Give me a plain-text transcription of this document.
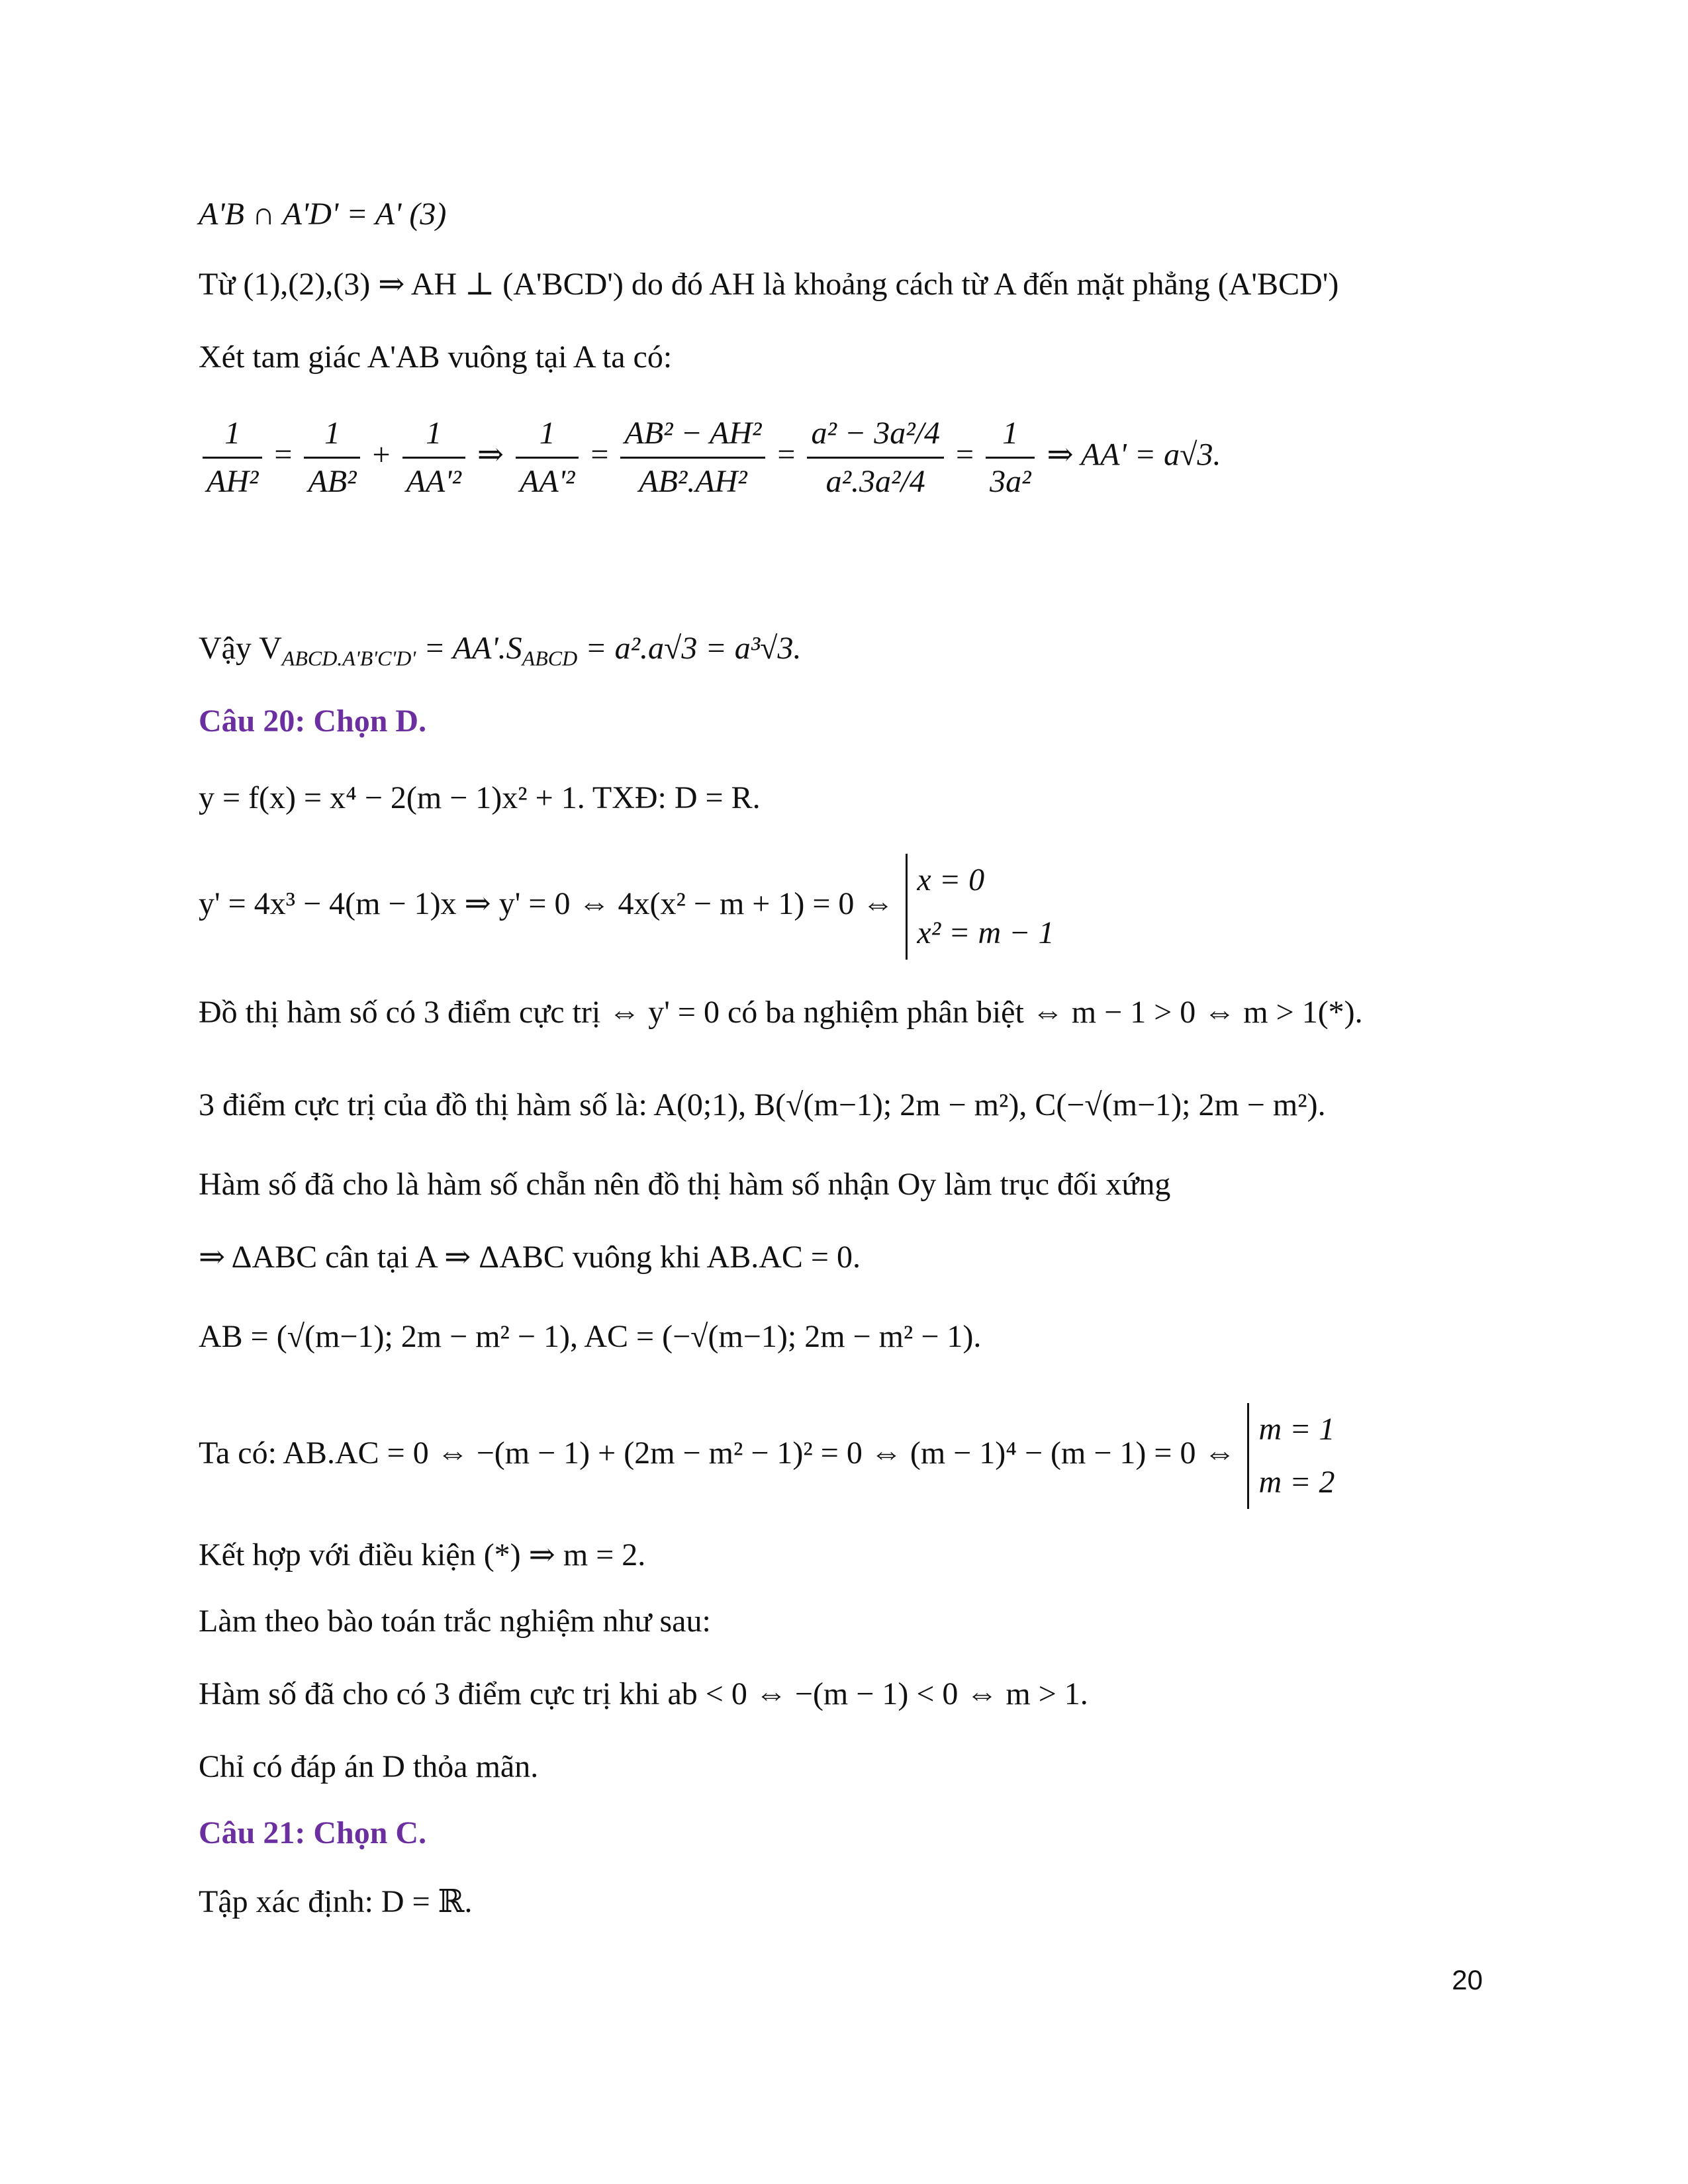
A'B ∩ A'D' = A' (3)
Từ (1),(2),(3) ⇒ AH ⊥ (A'BCD') do đó AH là khoảng cách từ A đến mặt phẳng (A'BCD')
Xét tam giác A'AB vuông tại A ta có:
$\frac{1}{\text{AH²}} = \frac{1}{\text{AB²}} + \frac{1}{\text{AA'²}}$ ⇒ $\frac{1}{\text{AA'²}} = \frac{\text{AB² − AH²}}{\text{AB².AH²}} = \frac{\text{a² − 3a²/4}}{\text{a².3a²/4}} = \frac{1}{\text{3a²}}$ ⇒ AA' = a√3.
Vậy $V_{ABCD.A'B'C'D'} = AA'.S_{ABCD} = a^2.a√3 = a^3√3$.
Câu 20: Chọn D.
y = f(x) = x⁴ − 2(m − 1)x² + 1. TXĐ: D = R.
y' = 4x³ − 4(m − 1)x ⇒ y' = 0 ⇔ 4x(x² − m + 1) = 0 ⇔
x = 0
x² = m − 1
Đồ thị hàm số có 3 điểm cực trị ⇔ y' = 0 có ba nghiệm phân biệt ⇔ m − 1 > 0 ⇔ m > 1(*).
3 điểm cực trị của đồ thị hàm số là: A(0;1), B(√(m−1); 2m − m²), C(−√(m−1); 2m − m²).
Hàm số đã cho là hàm số chẵn nên đồ thị hàm số nhận Oy làm trục đối xứng
⇒ ΔABC cân tại A ⇒ ΔABC vuông khi AB.AC = 0.
AB = (√(m−1); 2m − m² − 1), AC = (−√(m−1); 2m − m² − 1).
Ta có: AB.AC = 0 ⇔ −(m − 1) + (2m − m² − 1)² = 0 ⇔ (m − 1)⁴ − (m − 1) = 0 ⇔
m = 1
m = 2
Kết hợp với điều kiện (*) ⇒ m = 2.
Làm theo bào toán trắc nghiệm như sau:
Hàm số đã cho có 3 điểm cực trị khi ab < 0 ⇔ −(m − 1) < 0 ⇔ m > 1.
Chỉ có đáp án D thỏa mãn.
Câu 21: Chọn C.
Tập xác định: D = ℝ.
20
